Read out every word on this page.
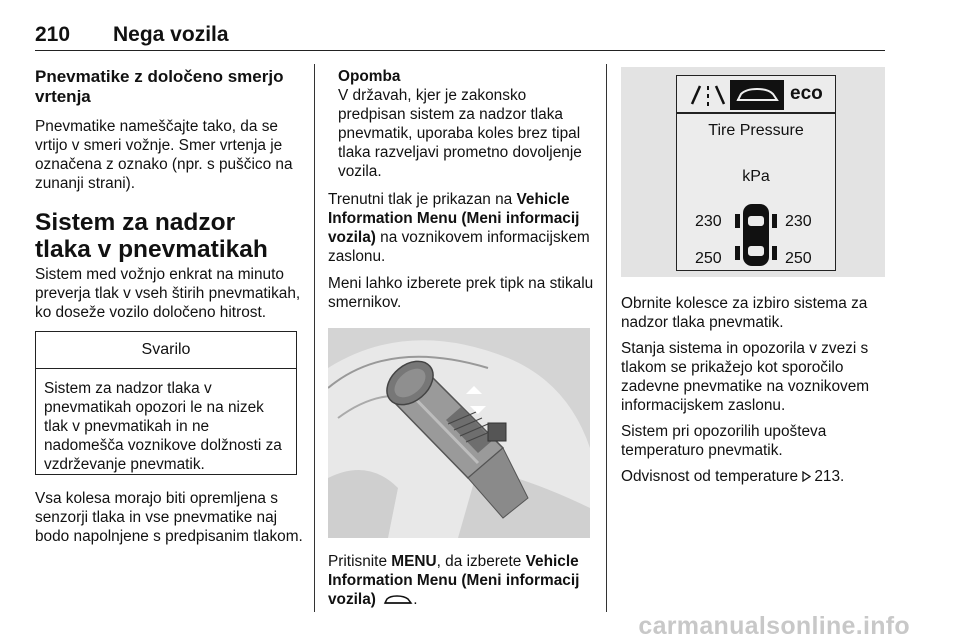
210 Nega vozila

Pnevmatike z določeno smerjo vrtenja

Pnevmatike nameščajte tako, da se vrtijo v smeri vožnje. Smer vrtenja je označena z oznako (npr. s puščico na zunanji strani).

Sistem za nadzor tlaka v pnevmatikah

Sistem med vožnjo enkrat na minuto preverja tlak v vseh štirih pnevmatikah, ko doseže vozilo določeno hitrost.

Svarilo
Sistem za nadzor tlaka v pnevmatikah opozori le na nizek tlak v pnevmatikah in ne nadomešča voznikove dolžnosti za vzdrževanje pnevmatik.

Vsa kolesa morajo biti opremljena s senzorji tlaka in vse pnevmatike naj bodo napolnjene s predpisanim tlakom.

Opomba

V državah, kjer je zakonsko predpisan sistem za nadzor tlaka pnevmatik, uporaba koles brez tipal tlaka razveljavi prometno dovoljenje vozila.

Trenutni tlak je prikazan na Vehicle Information Menu (Meni informacij vozila) na voznikovem informacijskem zaslonu.

Meni lahko izberete prek tipk na stikalu smernikov.

Pritisnite MENU, da izberete Vehicle Information Menu (Meni informacij vozila) .

eco
Tire Pressure
kPa
230	230
250	250

Obrnite kolesce za izbiro sistema za nadzor tlaka pnevmatik.

Stanja sistema in opozorila v zvezi s tlakom se prikažejo kot sporočilo zadevne pnevmatike na voznikovem informacijskem zaslonu.

Sistem pri opozorilih upošteva temperaturo pnevmatik.

Odvisnost od temperature 213.

carmanualsonline.info
